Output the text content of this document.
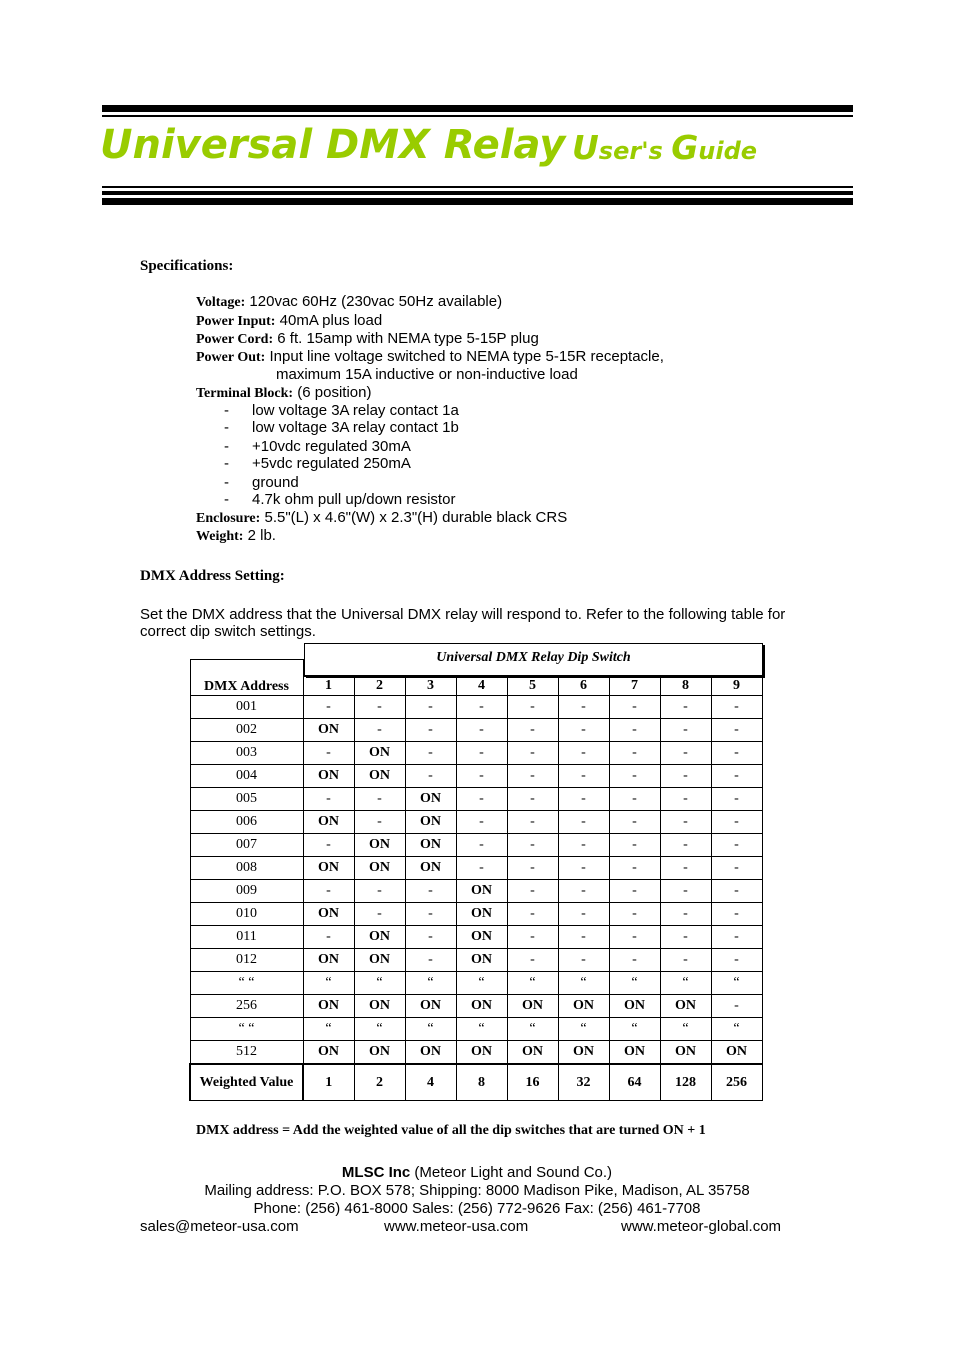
Universal DMX Relay User's Guide
Specifications:
Voltage: 120vac 60Hz (230vac 50Hz available)
Power Input: 40mA plus load
Power Cord: 6 ft. 15amp with NEMA type 5-15P plug
Power Out: Input line voltage switched to NEMA type 5-15R receptacle,
maximum 15A inductive or non-inductive load
Terminal Block: (6 position)
- low voltage 3A relay contact 1a
- low voltage 3A relay contact 1b
- +10vdc regulated 30mA
- +5vdc regulated 250mA
- ground
- 4.7k ohm pull up/down resistor
Enclosure: 5.5"(L) x 4.6"(W) x 2.3"(H) durable black CRS
Weight: 2 lb.
DMX Address Setting:
Set the DMX address that the Universal DMX relay will respond to. Refer to the following table for correct dip switch settings.
DMX Address									
	1	2	3	4	5	6	7	8	9
001	-	-	-	-	-	-	-	-	-
002	ON	-	-	-	-	-	-	-	-
003	-	ON	-	-	-	-	-	-	-
004	ON	ON	-	-	-	-	-	-	-
005	-	-	ON	-	-	-	-	-	-
006	ON	-	ON	-	-	-	-	-	-
007	-	ON	ON	-	-	-	-	-	-
008	ON	ON	ON	-	-	-	-	-	-
009	-	-	-	ON	-	-	-	-	-
010	ON	-	-	ON	-	-	-	-	-
011	-	ON	-	ON	-	-	-	-	-
012	ON	ON	-	ON	-	-	-	-	-
“ “	“	“	“	“	“	“	“	“	“
256	ON	ON	ON	ON	ON	ON	ON	ON	-
“ “	“	“	“	“	“	“	“	“	“
512	ON	ON	ON	ON	ON	ON	ON	ON	ON
Weighted Value	1	2	4	8	16	32	64	128	256
Universal DMX Relay Dip Switch
DMX address = Add the weighted value of all the dip switches that are turned ON + 1
MLSC Inc (Meteor Light and Sound Co.)
Mailing address: P.O. BOX 578; Shipping: 8000 Madison Pike, Madison, AL 35758
Phone: (256) 461-8000 Sales: (256) 772-9626 Fax: (256) 461-7708
sales@meteor-usa.com	www.meteor-usa.com	www.meteor-global.com
